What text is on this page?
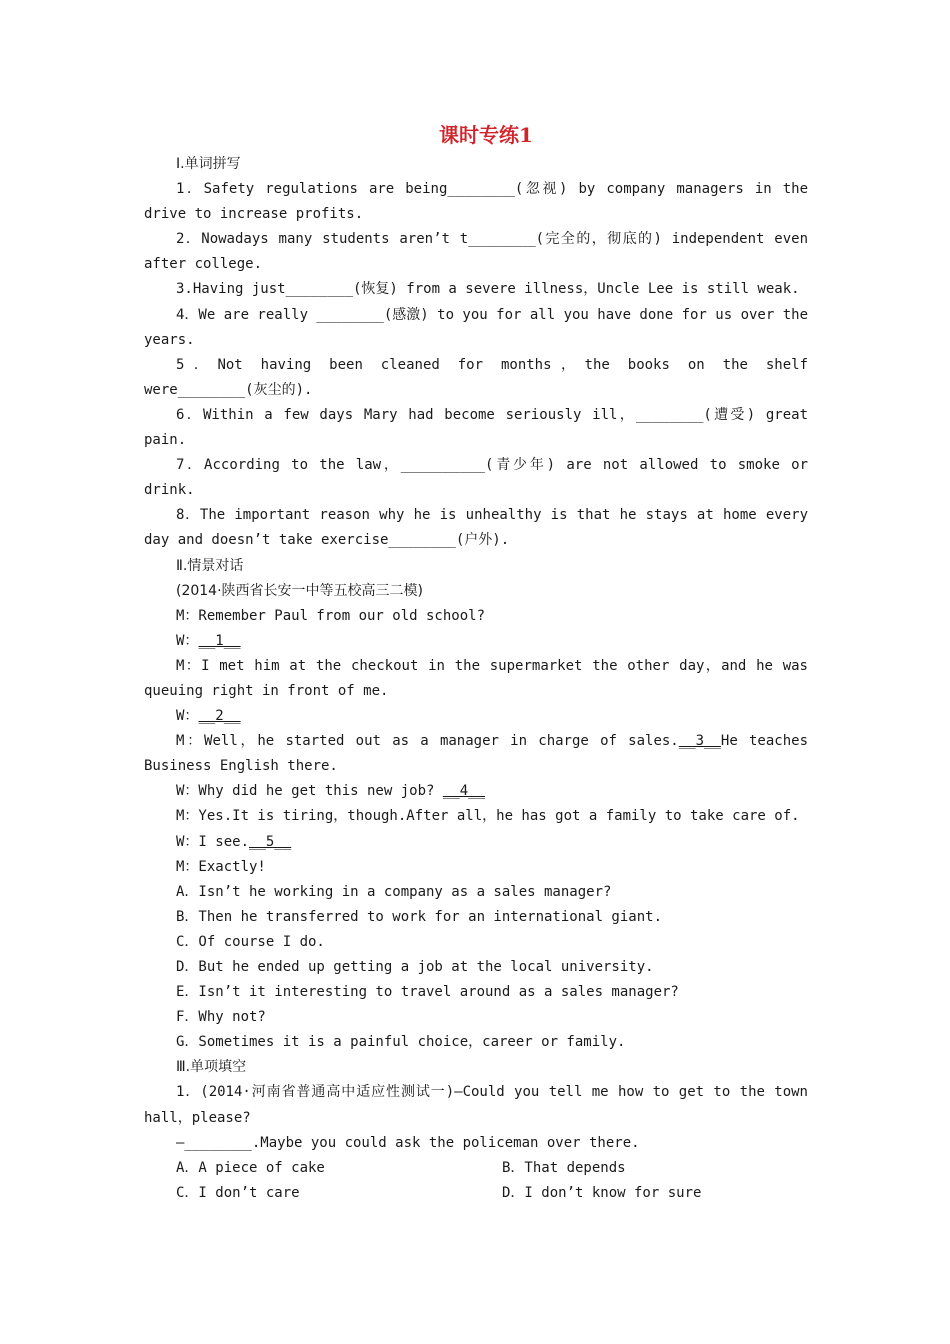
课时专练1
Ⅰ.单词拼写
1．Safety regulations are being________(忽视) by company managers in the drive to increase profits.
2．Nowadays many students aren’t t________(完全的，彻底的) independent even after college.
3.Having just________(恢复) from a severe illness，Uncle Lee is still weak.
4．We are really ________(感激) to you for all you have done for us over the years.
5．Not having been cleaned for months，the books on the shelf were________(灰尘的).
6．Within a few days Mary had become seriously ill，________(遭受) great pain.
7．According to the law，__________(青少年) are not allowed to smoke or drink.
8．The important reason why he is unhealthy is that he stays at home every day and doesn’t take exercise________(户外).
Ⅱ.情景对话
(2014·陕西省长安一中等五校高三二模)
M：Remember Paul from our old school?
W：__1__
M：I met him at the checkout in the supermarket the other day，and he was queuing right in front of me.
W：__2__
M：Well，he started out as a manager in charge of sales.__3__He teaches Business English there.
W：Why did he get this new job? __4__
M：Yes.It is tiring，though.After all，he has got a family to take care of.
W：I see.__5__
M：Exactly!
A．Isn’t he working in a company as a sales manager?
B．Then he transferred to work for an international giant.
C．Of course I do.
D．But he ended up getting a job at the local university.
E．Isn’t it interesting to travel around as a sales manager?
F．Why not?
G．Sometimes it is a painful choice，career or family.
Ⅲ.单项填空
1．(2014·河南省普通高中适应性测试一)—Could you tell me how to get to the town hall，please?
—________.Maybe you could ask the policeman over there.
A．A piece of cake	B．That depends
C．I don’t care	D．I don’t know for sure
